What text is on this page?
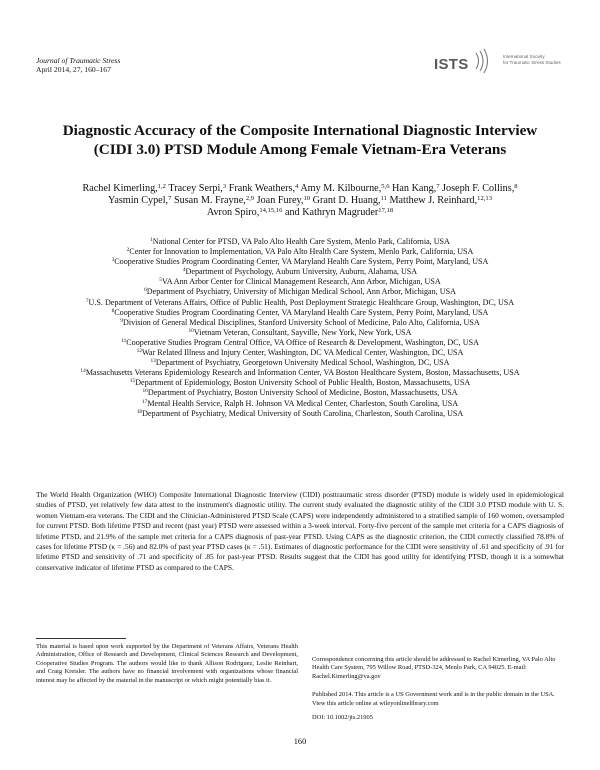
Journal of Traumatic Stress
April 2014, 27, 160–167	ISTS	International Society
for Traumatic Stress Studies
Diagnostic Accuracy of the Composite International Diagnostic Interview (CIDI 3.0) PTSD Module Among Female Vietnam-Era Veterans
Rachel Kimerling,$^{1,2}$ Tracey Serpi,$^3$ Frank Weathers,$^4$ Amy M. Kilbourne,$^{5,6}$ Han Kang,$^7$ Joseph F. Collins,$^8$
Yasmin Cypel,$^7$ Susan M. Frayne,$^{2,9}$ Joan Furey,$^{10}$ Grant D. Huang,$^{11}$ Matthew J. Reinhard,$^{12,13}$
Avron Spiro,$^{14,15,16}$ and Kathryn Magruder$^{17,18}$
$^1$National Center for PTSD, VA Palo Alto Health Care System, Menlo Park, California, USA
$^2$Center for Innovation to Implementation, VA Palo Alto Health Care System, Menlo Park, California, USA
$^3$Cooperative Studies Program Coordinating Center, VA Maryland Health Care System, Perry Point, Maryland, USA
$^4$Department of Psychology, Auburn University, Auburn, Alabama, USA
$^5$VA Ann Arbor Center for Clinical Management Research, Ann Arbor, Michigan, USA
$^6$Department of Psychiatry, University of Michigan Medical School, Ann Arbor, Michigan, USA
$^7$U.S. Department of Veterans Affairs, Office of Public Health, Post Deployment Strategic Healthcare Group, Washington, DC, USA
$^8$Cooperative Studies Program Coordinating Center, VA Maryland Health Care System, Perry Point, Maryland, USA
$^9$Division of General Medical Disciplines, Stanford University School of Medicine, Palo Alto, California, USA
$^{10}$Vietnam Veteran, Consultant, Sayville, New York, New York, USA
$^{11}$Cooperative Studies Program Central Office, VA Office of Research & Development, Washington, DC, USA
$^{12}$War Related Illness and Injury Center, Washington, DC VA Medical Center, Washington, DC, USA
$^{13}$Department of Psychiatry, Georgetown University Medical School, Washington, DC, USA
$^{14}$Massachusetts Veterans Epidemiology Research and Information Center, VA Boston Healthcare System, Boston, Massachusetts, USA
$^{15}$Department of Epidemiology, Boston University School of Public Health, Boston, Massachusetts, USA
$^{16}$Department of Psychiatry, Boston University School of Medicine, Boston, Massachusetts, USA
$^{17}$Mental Health Service, Ralph H. Johnson VA Medical Center, Charleston, South Carolina, USA
$^{18}$Department of Psychiatry, Medical University of South Carolina, Charleston, South Carolina, USA
The World Health Organization (WHO) Composite International Diagnostic Interview (CIDI) posttraumatic stress disorder (PTSD) module is widely used in epidemiological studies of PTSD, yet relatively few data attest to the instrument's diagnostic utility. The current study evaluated the diagnostic utility of the CIDI 3.0 PTSD module with U. S. women Vietnam-era veterans. The CIDI and the Clinician-Administered PTSD Scale (CAPS) were independently administered to a stratified sample of 160 women, oversampled for current PTSD. Both lifetime PTSD and recent (past year) PTSD were assessed within a 3-week interval. Forty-five percent of the sample met criteria for a CAPS diagnosis of lifetime PTSD, and 21.9% of the sample met criteria for a CAPS diagnosis of past-year PTSD. Using CAPS as the diagnostic criterion, the CIDI correctly classified 78.8% of cases for lifetime PTSD (κ = .56) and 82.0% of past year PTSD cases (κ = .51). Estimates of diagnostic performance for the CIDI were sensitivity of .61 and specificity of .91 for lifetime PTSD and sensitivity of .71 and specificity of .85 for past-year PTSD. Results suggest that the CIDI has good utility for identifying PTSD, though it is a somewhat conservative indicator of lifetime PTSD as compared to the CAPS.
This material is based upon work supported by the Department of Veterans Affairs, Veterans Health Administration, Office of Research and Development, Clinical Sciences Research and Development, Cooperative Studies Program. The authors would like to thank Allison Rodriguez, Leslie Reinhart, and Craig Kreisler. The authors have no financial involvement with organizations whose financial interest may be affected by the material in the manuscript or which might potentially bias it.

Correspondence concerning this article should be addressed to Rachel Kimerling, VA Palo Alto Health Care System, 795 Willow Road, PTSD-324, Menlo Park, CA 94025. E-mail: Rachel.Kimerling@va.gov

Published 2014. This article is a US Government work and is in the public domain in the USA. View this article online at wileyonlinelibrary.com

DOI: 10.1002/jts.21905

160
